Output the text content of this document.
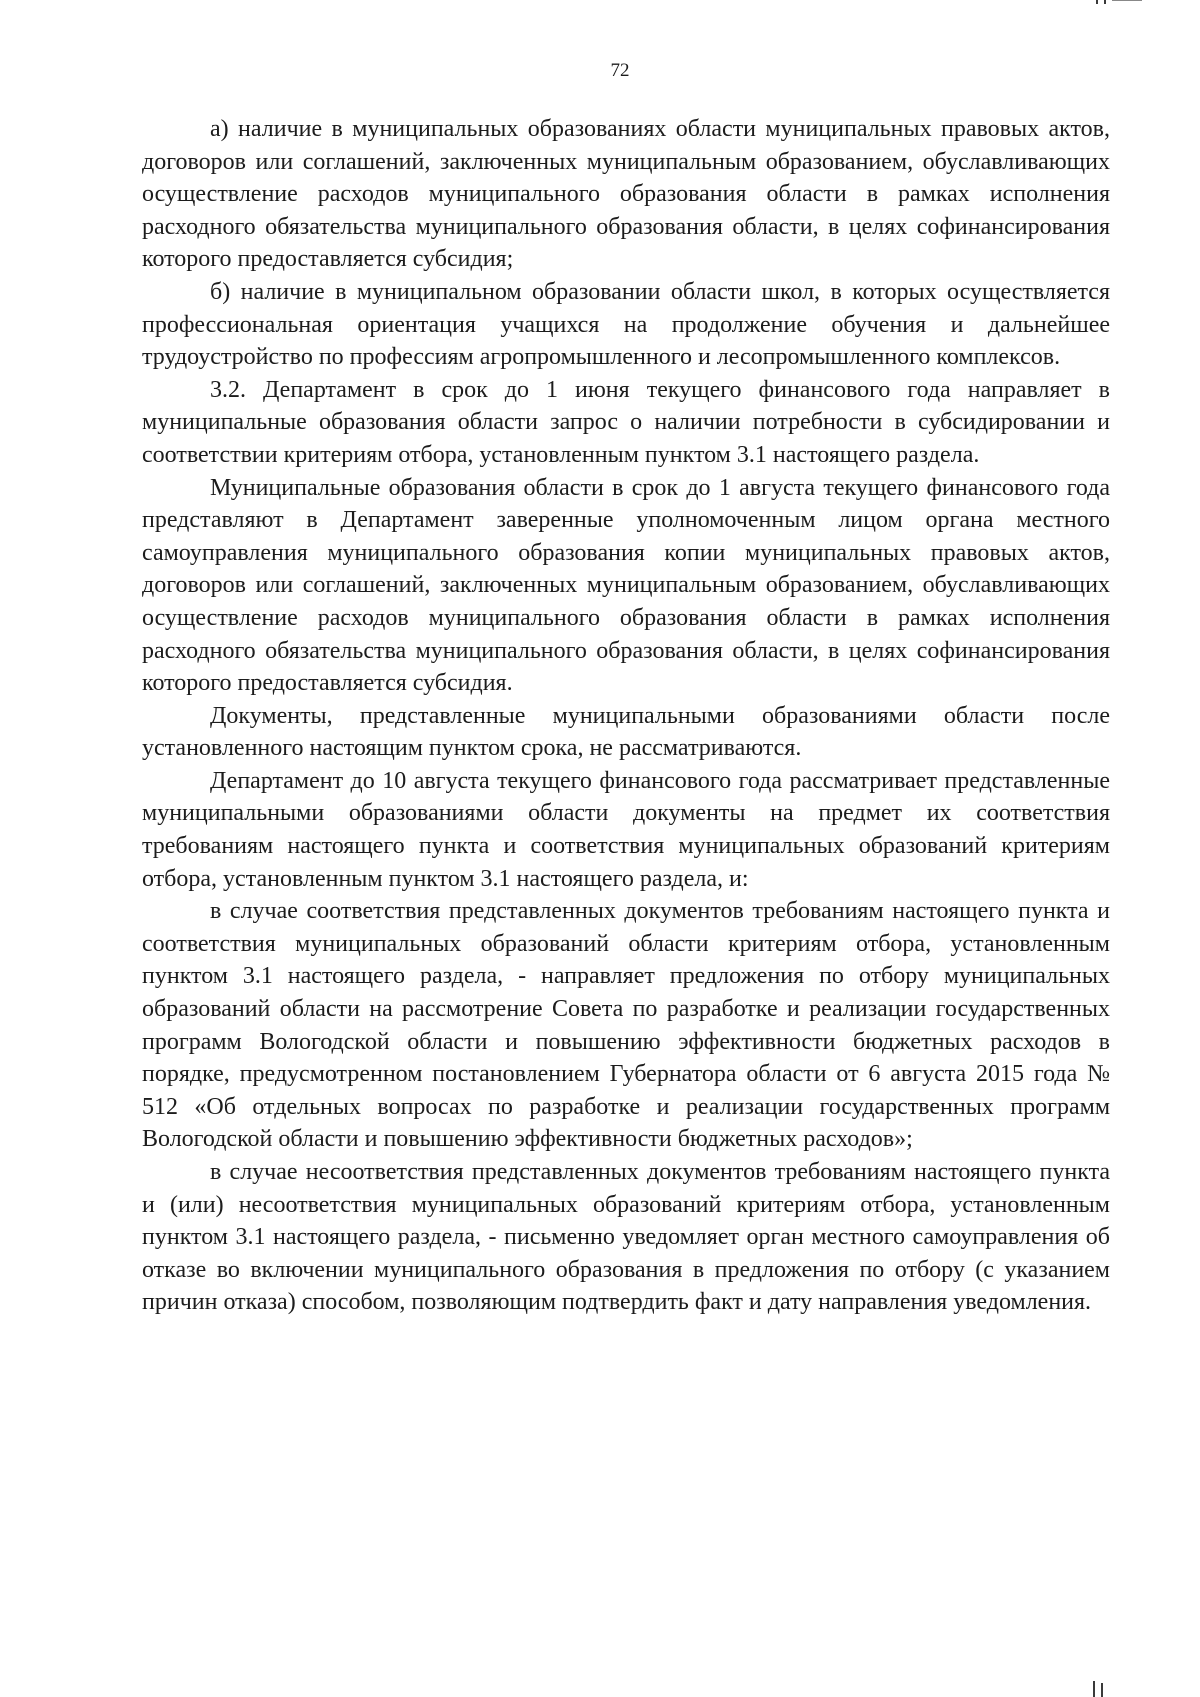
72

а) наличие в муниципальных образованиях области муниципальных правовых актов, договоров или соглашений, заключенных муниципальным образованием, обуславливающих осуществление расходов муниципального образования области в рамках исполнения расходного обязательства муниципального образования области, в целях софинансирования которого предоставляется субсидия;

б) наличие в муниципальном образовании области школ, в которых осуществляется профессиональная ориентация учащихся на продолжение обучения и дальнейшее трудоустройство по профессиям агропромышленного и лесопромышленного комплексов.

3.2. Департамент в срок до 1 июня текущего финансового года направляет в муниципальные образования области запрос о наличии потребности в субсидировании и соответствии критериям отбора, установленным пунктом 3.1 настоящего раздела.

Муниципальные образования области в срок до 1 августа текущего финансового года представляют в Департамент заверенные уполномоченным лицом органа местного самоуправления муниципального образования копии муниципальных правовых актов, договоров или соглашений, заключенных муниципальным образованием, обуславливающих осуществление расходов муниципального образования области в рамках исполнения расходного обязательства муниципального образования области, в целях софинансирования которого предоставляется субсидия.

Документы, представленные муниципальными образованиями области после установленного настоящим пунктом срока, не рассматриваются.

Департамент до 10 августа текущего финансового года рассматривает представленные муниципальными образованиями области документы на предмет их соответствия требованиям настоящего пункта и соответствия муниципальных образований критериям отбора, установленным пунктом 3.1 настоящего раздела, и:

в случае соответствия представленных документов требованиям настоящего пункта и соответствия муниципальных образований области критериям отбора, установленным пунктом 3.1 настоящего раздела, - направляет предложения по отбору муниципальных образований области на рассмотрение Совета по разработке и реализации государственных программ Вологодской области и повышению эффективности бюджетных расходов в порядке, предусмотренном постановлением Губернатора области от 6 августа 2015 года № 512 «Об отдельных вопросах по разработке и реализации государственных программ Вологодской области и повышению эффективности бюджетных расходов»;

в случае несоответствия представленных документов требованиям настоящего пункта и (или) несоответствия муниципальных образований критериям отбора, установленным пунктом 3.1 настоящего раздела, - письменно уведомляет орган местного самоуправления об отказе во включении муниципального образования в предложения по отбору (с указанием причин отказа) способом, позволяющим подтвердить факт и дату направления уведомления.
